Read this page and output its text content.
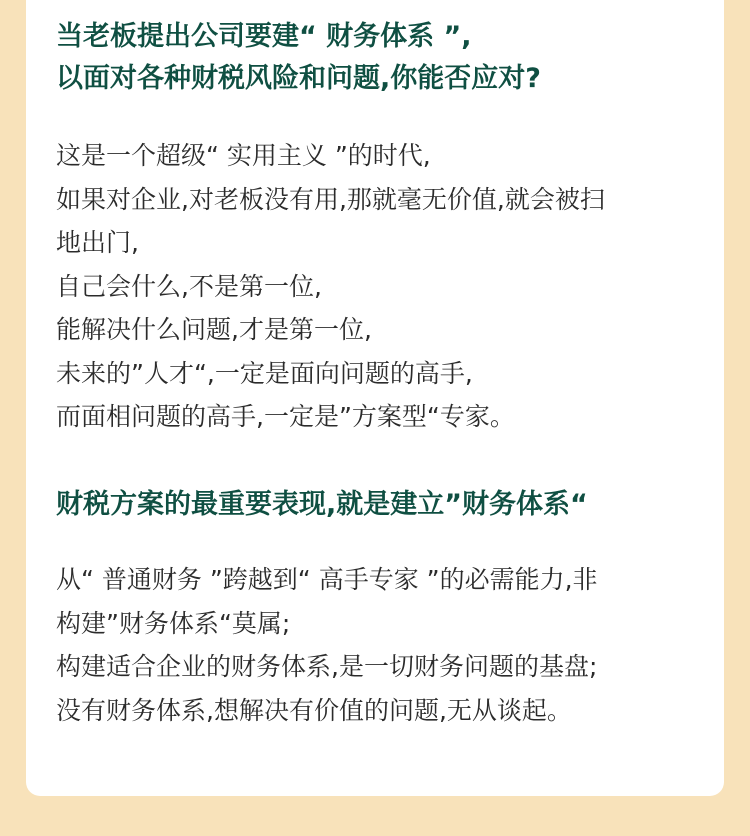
当老板提出公司要建“ 财务体系 ”,
以面对各种财税风险和问题,你能否应对?

这是一个超级“ 实用主义 ”的时代,
如果对企业,对老板没有用,那就毫无价值,就会被扫
地出门,
自己会什么,不是第一位,
能解决什么问题,才是第一位,
未来的”人才“,一定是面向问题的高手,
而面相问题的高手,一定是”方案型“专家。

财税方案的最重要表现,就是建立”财务体系“

从“ 普通财务 ”跨越到“ 高手专家 ”的必需能力,非
构建”财务体系“莫属;
构建适合企业的财务体系,是一切财务问题的基盘;
没有财务体系,想解决有价值的问题,无从谈起。
